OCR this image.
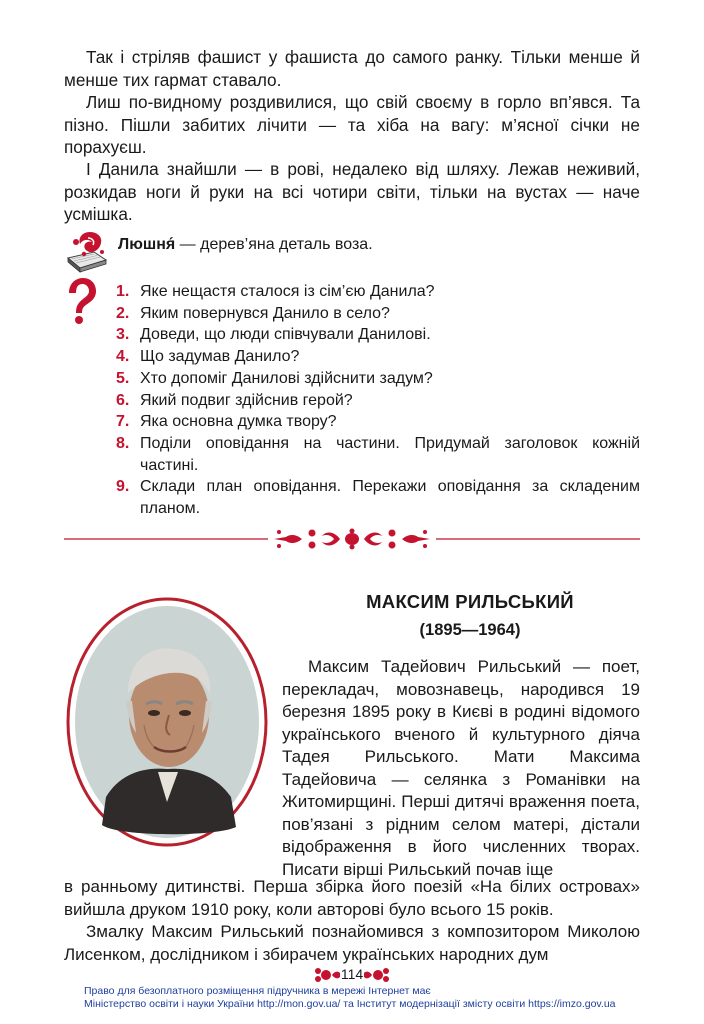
Так і стріляв фашист у фашиста до самого ранку. Тільки менше й менше тих гармат ставало.
Лиш по-видному роздивилися, що свій своєму в горло вп’явся. Та пізно. Пішли забитих лічити — та хіба на вагу: м’ясної січки не порахуєш.
І Данила знайшли — в рові, недалеко від шляху. Лежав неживий, розкидав ноги й руки на всі чотири світи, тільки на вустах — наче усмішка.
Люшня́ — дерев’яна деталь воза.
1. Яке нещастя сталося із сім’єю Данила?
2. Яким повернувся Данило в село?
3. Доведи, що люди співчували Данилові.
4. Що задумав Данило?
5. Хто допоміг Данилові здійснити задум?
6. Який подвиг здійснив герой?
7. Яка основна думка твору?
8. Поділи оповідання на частини. Придумай заголовок кожній частині.
9. Склади план оповідання. Перекажи оповідання за складеним планом.
МАКСИМ РИЛЬСЬКИЙ
(1895—1964)
Максим Тадейович Рильський — поет, перекладач, мовознавець, народився 19 березня 1895 року в Києві в родині відомого українського вченого й культурного діяча Тадея Рильського. Мати Максима Тадейовича — селянка з Романівки на Житомирщині. Перші дитячі враження поета, пов’язані з рідним селом матері, дістали відображення в його численних творах. Писати вірші Рильський почав іще
в ранньому дитинстві. Перша збірка його поезій «На білих островах» вийшла друком 1910 року, коли авторові було всього 15 років.
Змалку Максим Рильський познайомився з композитором Миколою Лисенком, дослідником і збирачем українських народних дум
114
Право для безоплатного розміщення підручника в мережі Інтернет має
Міністерство освіти і науки України http://mon.gov.ua/ та Інститут модернізації змісту освіти https://imzo.gov.ua
